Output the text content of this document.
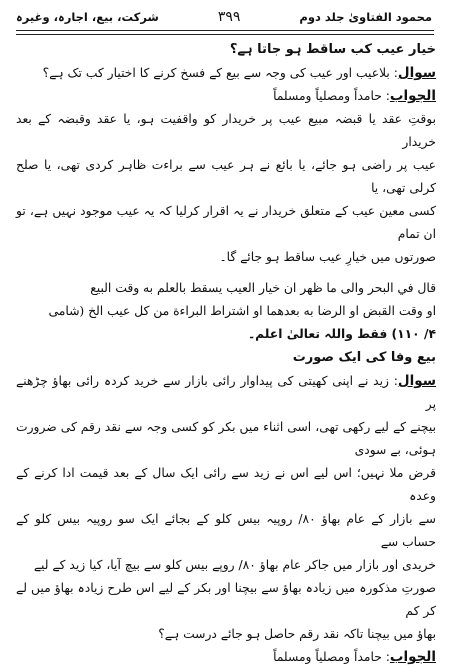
شرکت، بیع، اجارہ، وغیرہ	۳۹۹	محمود الفتاویٰ جلد دوم

خیار عیب کب ساقط ہو جاتا ہے؟

سوال: بلاعیب اور عیب کی وجہ سے بیع کے فسخ کرنے کا اختیار کب تک ہے؟

الجواب: حامداً ومصلیاً ومسلماً

بوقتِ عقد یا قبضہ مبیع عیب پر خریدار کو واقفیت ہو، یا عقد وقبضہ کے بعد خریدار

عیب پر راضی ہو جائے، یا بائع نے ہر عیب سے براءت ظاہر کردی تھی، یا صلح کرلی تھی، یا

کسی معین عیب کے متعلق خریدار نے یہ اقرار کرلیا کہ یہ عیب موجود نہیں ہے، تو ان تمام

صورتوں میں خیارِ عیب ساقط ہو جائے گا۔

قال في البحر والى ما ظهر ان خيار العيب يسقط بالعلم به وقت البيع

او وقت القبض او الرضا به بعدهما او اشتراط البراءة من كل عيب الخ (شامی

۴/ ۱۱۰) فقط واللہ تعالیٰ اعلم۔

بیع وفا کی ایک صورت

سوال: زید نے اپنی کھیتی کی پیداوار رائی بازار سے خرید کردہ رائی بھاؤ چڑھنے پر

بیچنے کے لیے رکھی تھی، اسی اثناء میں بکر کو کسی وجہ سے نقد رقم کی ضرورت ہوئی، بے سودی

قرض ملا نہیں؛ اس لیے اس نے زید سے رائی ایک سال کے بعد قیمت ادا کرنے کے وعدہ

سے بازار کے عام بھاؤ ۸۰/ روپیہ بیس کلو کے بجائے ایک سو روپیہ بیس کلو کے حساب سے

خریدی اور بازار میں جاکر عام بھاؤ ۸۰/ روپے بیس کلو سے بیچ آیا، کیا زید کے لیے

صورتِ مذکورہ میں زیادہ بھاؤ سے بیچنا اور بکر کے لیے اس طرح زیادہ بھاؤ میں لے کر کم

بھاؤ میں بیچنا تاکہ نقد رقم حاصل ہو جائے درست ہے؟

الجواب: حامداً ومصلیاً ومسلماً
